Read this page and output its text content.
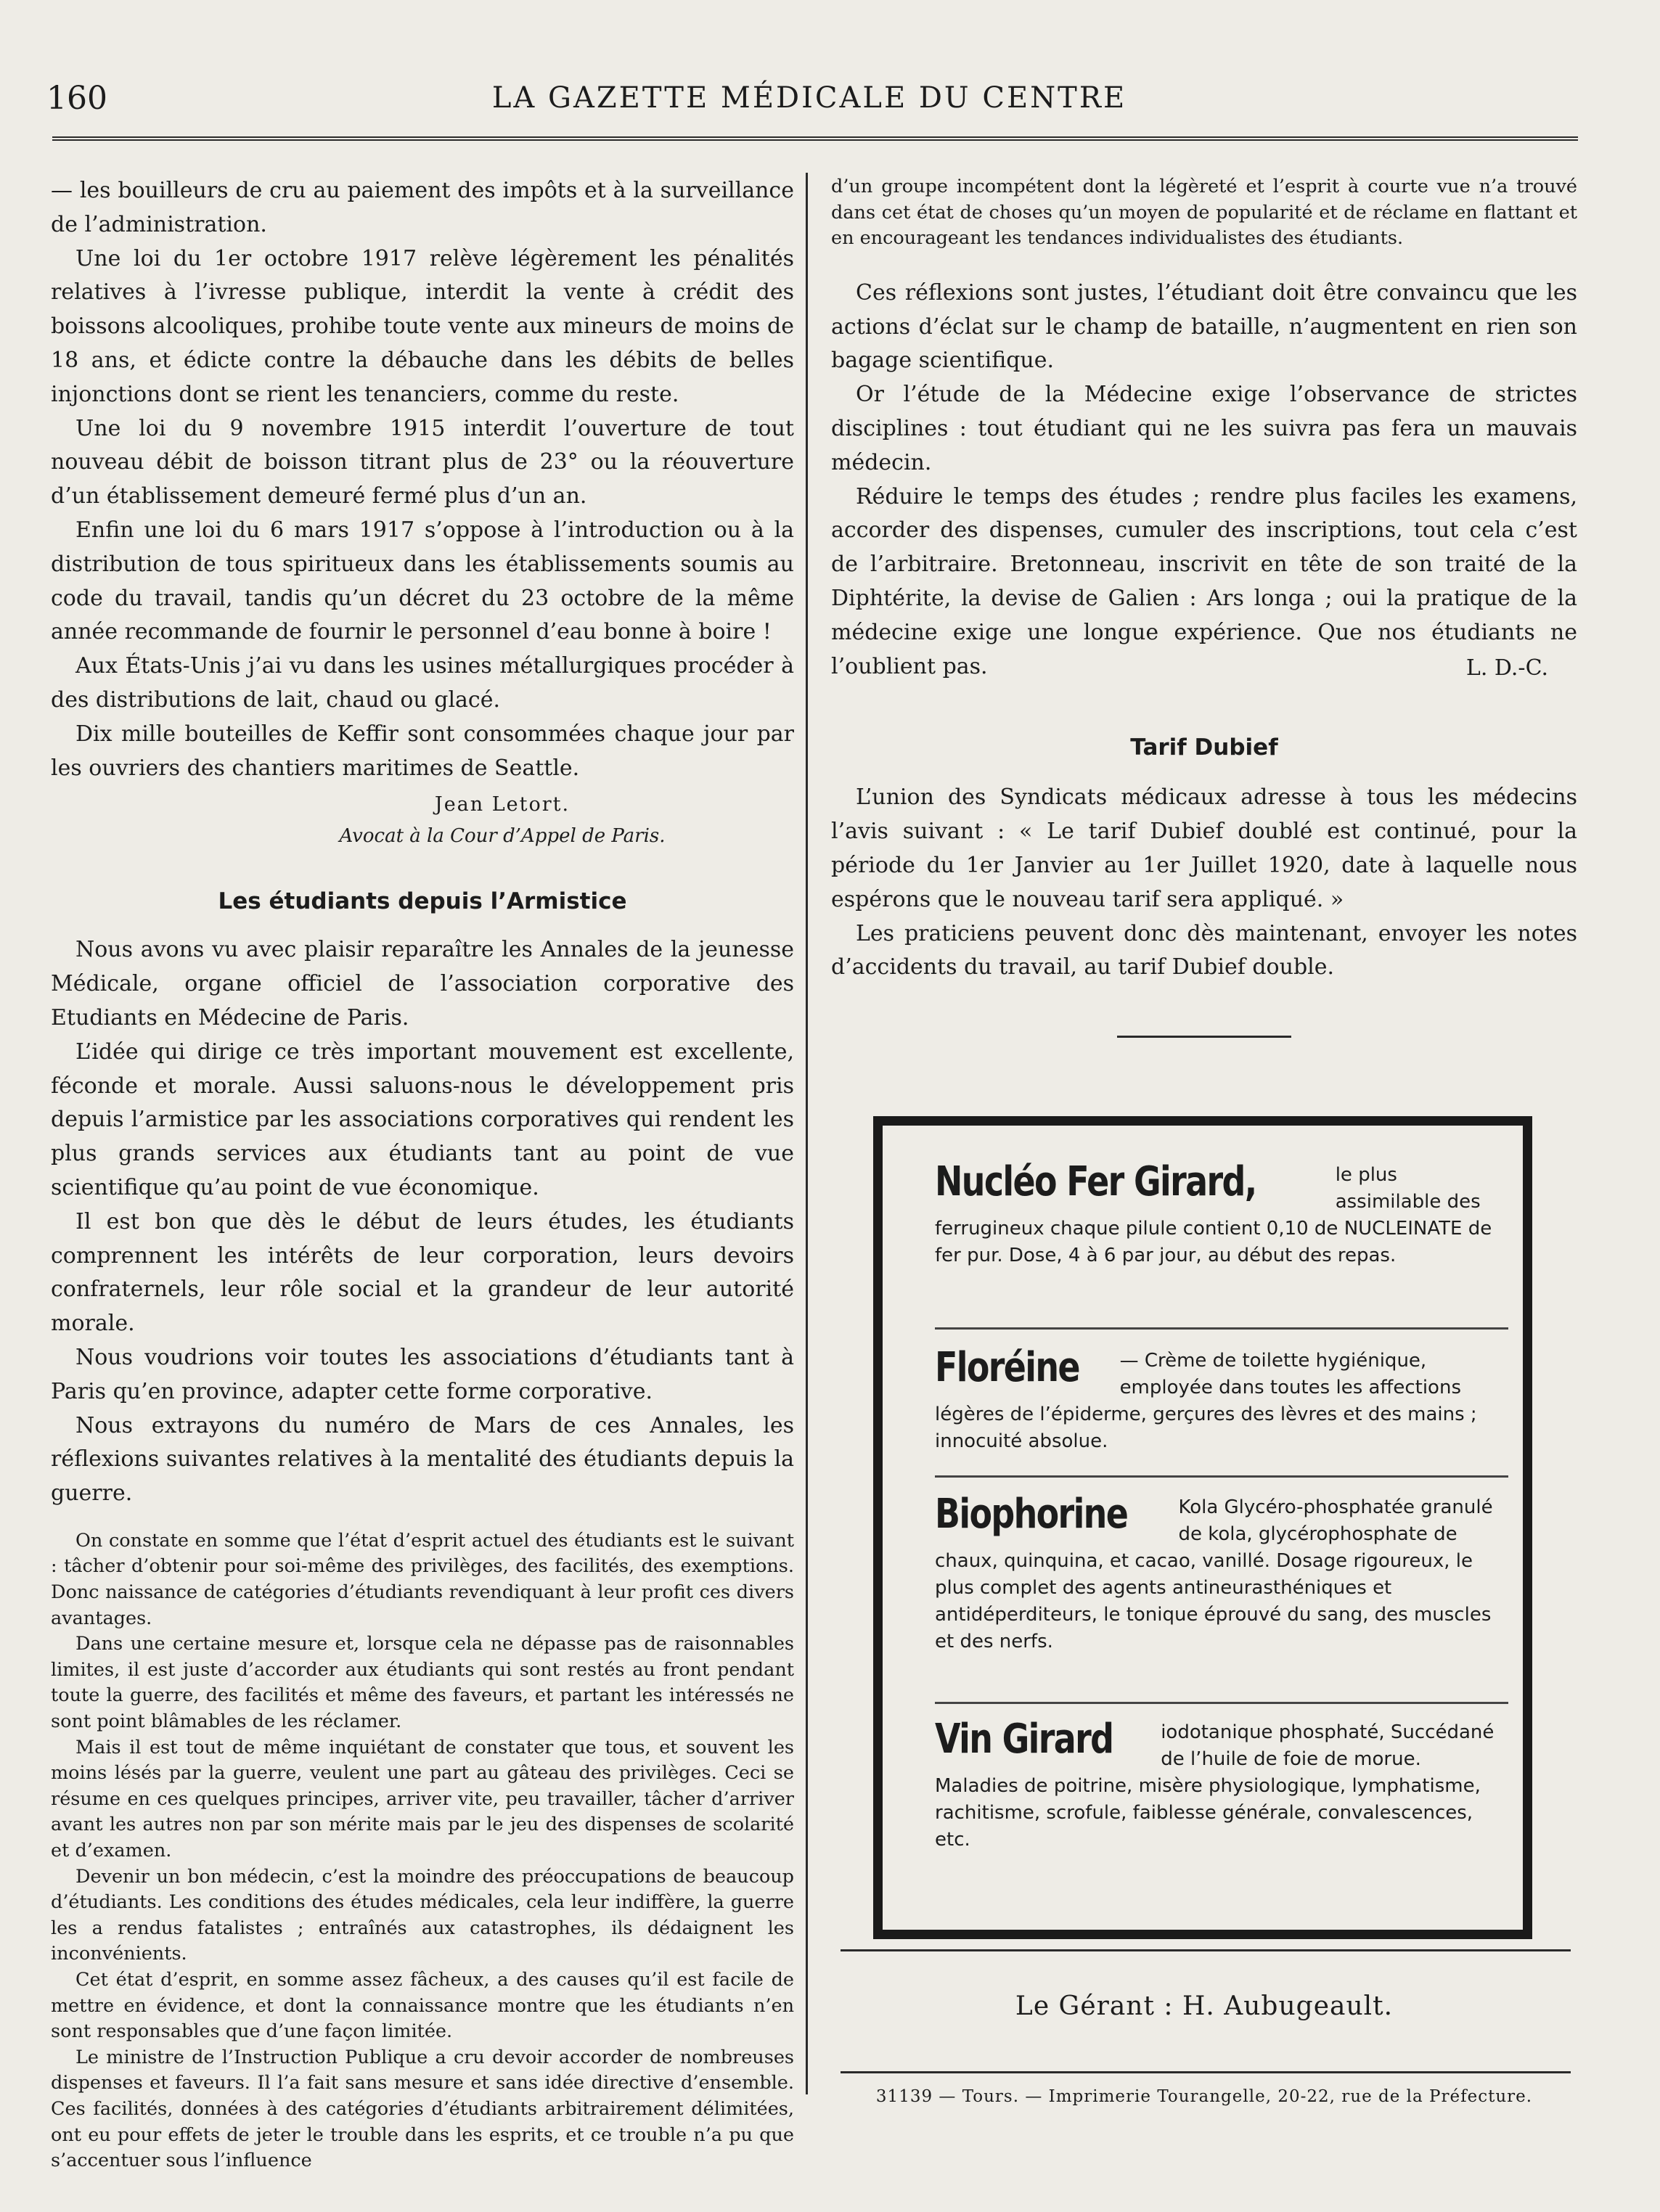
160	LA GAZETTE MÉDICALE DU CENTRE

— les bouilleurs de cru au paiement des impôts et à la surveillance de l’administration.

Une loi du 1er octobre 1917 relève légèrement les pénalités relatives à l’ivresse publique, interdit la vente à crédit des boissons alcooliques, prohibe toute vente aux mineurs de moins de 18 ans, et édicte contre la débauche dans les débits de belles injonctions dont se rient les tenanciers, comme du reste.

Une loi du 9 novembre 1915 interdit l’ouverture de tout nouveau débit de boisson titrant plus de 23° ou la réouverture d’un établissement demeuré fermé plus d’un an.

Enfin une loi du 6 mars 1917 s’oppose à l’introduction ou à la distribution de tous spiritueux dans les établissements soumis au code du travail, tandis qu’un décret du 23 octobre de la même année recommande de fournir le personnel d’eau bonne à boire !

Aux États-Unis j’ai vu dans les usines métallurgiques procéder à des distributions de lait, chaud ou glacé.

Dix mille bouteilles de Keffir sont consommées chaque jour par les ouvriers des chantiers maritimes de Seattle.

Jean Letort.
Avocat à la Cour d’Appel de Paris.
Les étudiants depuis l’Armistice

Nous avons vu avec plaisir reparaître les Annales de la jeunesse Médicale, organe officiel de l’association corporative des Etudiants en Médecine de Paris.

L’idée qui dirige ce très important mouvement est excellente, féconde et morale. Aussi saluons-nous le développement pris depuis l’armistice par les associations corporatives qui rendent les plus grands services aux étudiants tant au point de vue scientifique qu’au point de vue économique.

Il est bon que dès le début de leurs études, les étudiants comprennent les intérêts de leur corporation, leurs devoirs confraternels, leur rôle social et la grandeur de leur autorité morale.

Nous voudrions voir toutes les associations d’étudiants tant à Paris qu’en province, adapter cette forme corporative.

Nous extrayons du numéro de Mars de ces Annales, les réflexions suivantes relatives à la mentalité des étudiants depuis la guerre.

On constate en somme que l’état d’esprit actuel des étudiants est le suivant : tâcher d’obtenir pour soi-même des privilèges, des facilités, des exemptions. Donc naissance de catégories d’étudiants revendiquant à leur profit ces divers avantages.

Dans une certaine mesure et, lorsque cela ne dépasse pas de raisonnables limites, il est juste d’accorder aux étudiants qui sont restés au front pendant toute la guerre, des facilités et même des faveurs, et partant les intéressés ne sont point blâmables de les réclamer.

Mais il est tout de même inquiétant de constater que tous, et souvent les moins lésés par la guerre, veulent une part au gâteau des privilèges. Ceci se résume en ces quelques principes, arriver vite, peu travailler, tâcher d’arriver avant les autres non par son mérite mais par le jeu des dispenses de scolarité et d’examen.

Devenir un bon médecin, c’est la moindre des préoccupations de beaucoup d’étudiants. Les conditions des études médicales, cela leur indiffère, la guerre les a rendus fatalistes ; entraînés aux catastrophes, ils dédaignent les inconvénients.

Cet état d’esprit, en somme assez fâcheux, a des causes qu’il est facile de mettre en évidence, et dont la connaissance montre que les étudiants n’en sont responsables que d’une façon limitée.

Le ministre de l’Instruction Publique a cru devoir accorder de nombreuses dispenses et faveurs. Il l’a fait sans mesure et sans idée directive d’ensemble. Ces facilités, données à des catégories d’étudiants arbitrairement délimitées, ont eu pour effets de jeter le trouble dans les esprits, et ce trouble n’a pu que s’accentuer sous l’influence

d’un groupe incompétent dont la légèreté et l’esprit à courte vue n’a trouvé dans cet état de choses qu’un moyen de popularité et de réclame en flattant et en encourageant les tendances individualistes des étudiants.

Ces réflexions sont justes, l’étudiant doit être convaincu que les actions d’éclat sur le champ de bataille, n’augmentent en rien son bagage scientifique.

Or l’étude de la Médecine exige l’observance de strictes disciplines : tout étudiant qui ne les suivra pas fera un mauvais médecin.

Réduire le temps des études ; rendre plus faciles les examens, accorder des dispenses, cumuler des inscriptions, tout cela c’est de l’arbitraire. Bretonneau, inscrivit en tête de son traité de la Diphtérite, la devise de Galien : Ars longa ; oui la pratique de la médecine exige une longue expérience. Que nos étudiants ne l’oublient pas.	L. D.-C.
Tarif Dubief

L’union des Syndicats médicaux adresse à tous les médecins l’avis suivant : « Le tarif Dubief doublé est continué, pour la période du 1er Janvier au 1er Juillet 1920, date à laquelle nous espérons que le nouveau tarif sera appliqué. »

Les praticiens peuvent donc dès maintenant, envoyer les notes d’accidents du travail, au tarif Dubief double.

Nucléo Fer Girard,	le plus assimilable des ferrugineux chaque pilule contient 0,10 de NUCLEINATE de fer pur. Dose, 4 à 6 par jour, au début des repas.
Floréine — Crème de toilette hygiénique, employée dans toutes les affections légères de l’épiderme, gerçures des lèvres et des mains ; innocuité absolue.
Biophorine	Kola Glycéro-phosphatée granulé de kola, glycérophosphate de chaux, quinquina, et cacao, vanillé. Dosage rigoureux, le plus complet des agents antineurasthéniques et antidéperditeurs, le tonique éprouvé du sang, des muscles et des nerfs.
Vin Girard	iodotanique phosphaté, Succédané de l’huile de foie de morue. Maladies de poitrine, misère physiologique, lymphatisme, rachitisme, scrofule, faiblesse générale, convalescences, etc.
Le Gérant : H. Aubugeault.
31139 — Tours. — Imprimerie Tourangelle, 20-22, rue de la Préfecture.
